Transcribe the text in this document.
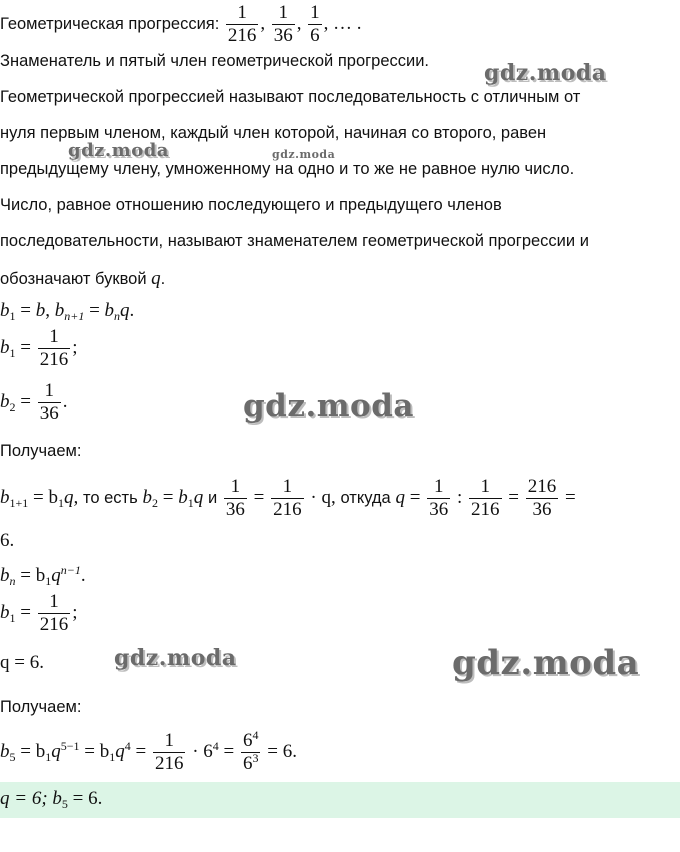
Геометрическая прогрессия: $\frac{1}{216}$ , $\frac{1}{36}$ , $\frac{1}{6}$ , … .
Знаменатель и пятый член геометрической прогрессии.
Геометрической прогрессией называют последовательность с отличным от
нуля первым членом, каждый член которой, начиная со второго, равен
предыдущему члену, умноженному на одно и то же не равное нулю число.
Число, равное отношению последующего и предыдущего членов
последовательности, называют знаменателем геометрической прогрессии и
обозначают буквой q.
$b_1 = b$, $b_{n+1} = b_nq$.
$b_1 = \frac{1}{216}$ ;
$b_2 = \frac{1}{36}$ .
Получаем:
$b_{1+1} = b_1q$, то есть $b_2 = b_1q$ и $\frac{1}{36} = \frac{1}{216} \cdot q$, откуда $q = \frac{1}{36}$ : $\frac{1}{216} = \frac{216}{36}$ =
6.
$b_n = b_1q^{n-1}$.
$b_1 = \frac{1}{216}$ ;
q = 6.
Получаем:
$b_5 = b_1q^{5-1} = b_1q^4 = \frac{1}{216} \cdot 6^4 = \frac{6^4}{6^3} = 6$.
q = 6; $b_5 = 6$.
gdz.moda
gdz.moda	gdz.moda
gdz.moda
gdz.moda	gdz.moda
